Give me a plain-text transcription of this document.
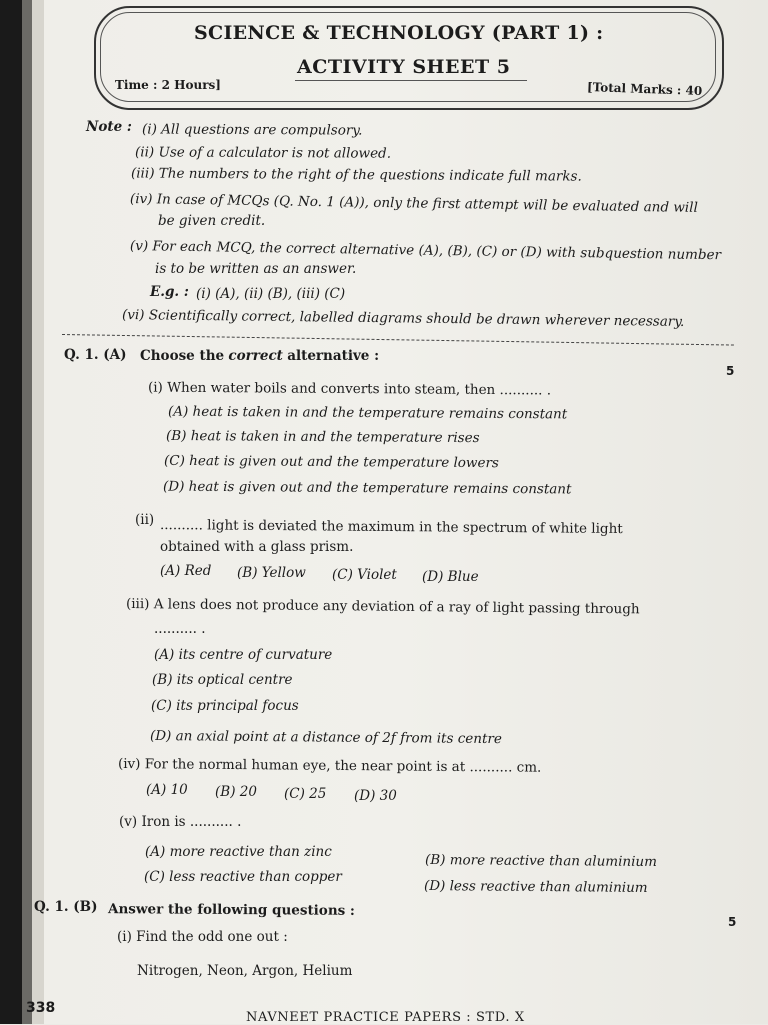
SCIENCE & TECHNOLOGY (PART 1) :
ACTIVITY SHEET 5
Time : 2 Hours]	[Total Marks : 40
Note : (i) All questions are compulsory.
(ii) Use of a calculator is not allowed.
(iii) The numbers to the right of the questions indicate full marks.
(iv) In case of MCQs (Q. No. 1 (A)), only the first attempt will be evaluated and will
be given credit.
(v) For each MCQ, the correct alternative (A), (B), (C) or (D) with subquestion number
is to be written as an answer.
E.g. : (i) (A), (ii) (B), (iii) (C)
(vi) Scientifically correct, labelled diagrams should be drawn wherever necessary.
Q. 1. (A) Choose the correct alternative :
5
(i) When water boils and converts into steam, then .......... .
(A) heat is taken in and the temperature remains constant
(B) heat is taken in and the temperature rises
(C) heat is given out and the temperature lowers
(D) heat is given out and the temperature remains constant
(ii) .......... light is deviated the maximum in the spectrum of white light
obtained with a glass prism.
(A) Red (B) Yellow (C) Violet (D) Blue
(iii) A lens does not produce any deviation of a ray of light passing through
.......... .
(A) its centre of curvature
(B) its optical centre
(C) its principal focus
(D) an axial point at a distance of 2f from its centre
(iv) For the normal human eye, the near point is at .......... cm.
(A) 10 (B) 20 (C) 25 (D) 30
(v) Iron is .......... .
(A) more reactive than zinc
(B) more reactive than aluminium
(C) less reactive than copper
(D) less reactive than aluminium
Q. 1. (B) Answer the following questions :
5
(i) Find the odd one out :
Nitrogen, Neon, Argon, Helium
338
NAVNEET PRACTICE PAPERS : STD. X
